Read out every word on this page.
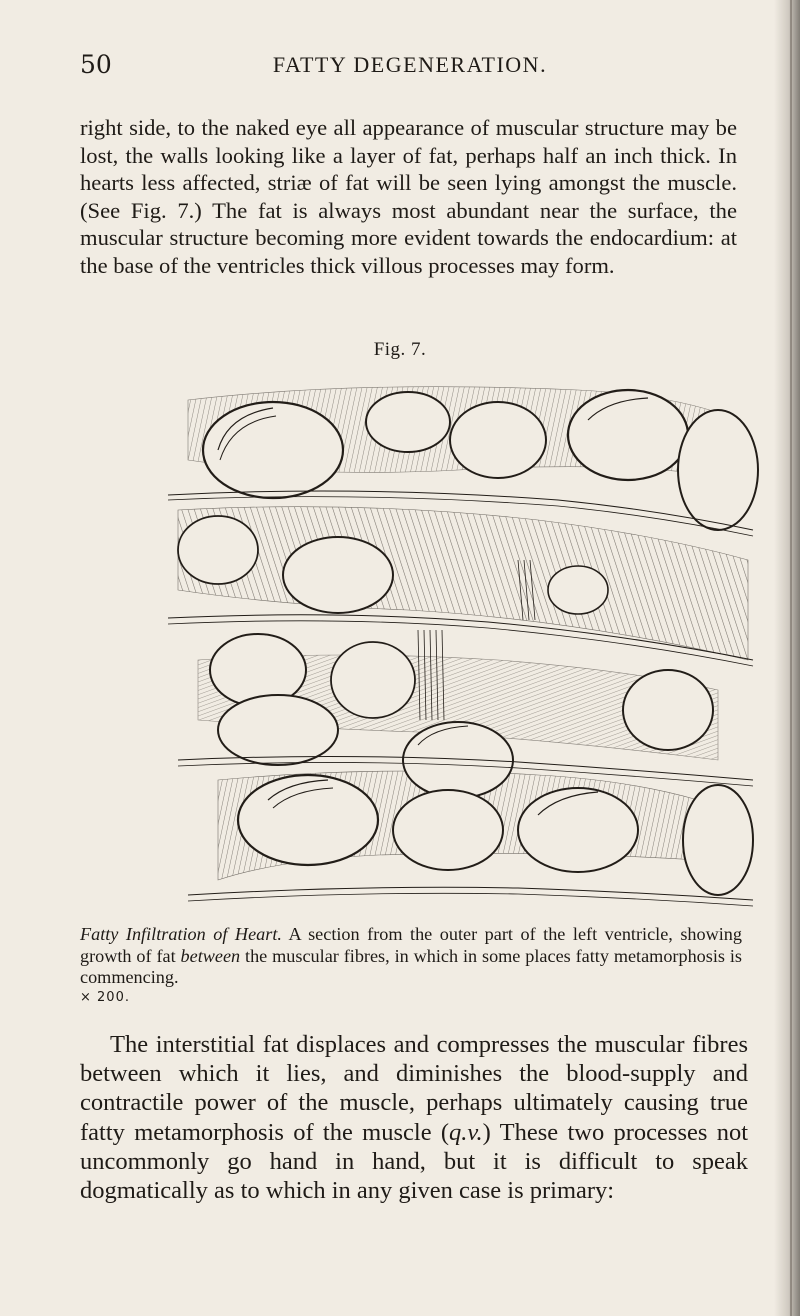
50	FATTY DEGENERATION.

right side, to the naked eye all appearance of muscular structure may be lost, the walls looking like a layer of fat, perhaps half an inch thick. In hearts less affected, striæ of fat will be seen lying amongst the muscle. (See Fig. 7.) The fat is always most abundant near the surface, the muscular structure becoming more evident towards the endocardium: at the base of the ventricles thick villous processes may form.

Fig. 7.

Fatty Infiltration of Heart. A section from the outer part of the left ventricle, showing growth of fat between the muscular fibres, in which in some places fatty metamorphosis is commencing.

× 200.

The interstitial fat displaces and compresses the muscular fibres between which it lies, and diminishes the blood-supply and contractile power of the muscle, perhaps ultimately causing true fatty metamorphosis of the muscle (q.v.) These two processes not uncommonly go hand in hand, but it is difficult to speak dogmatically as to which in any given case is primary:
